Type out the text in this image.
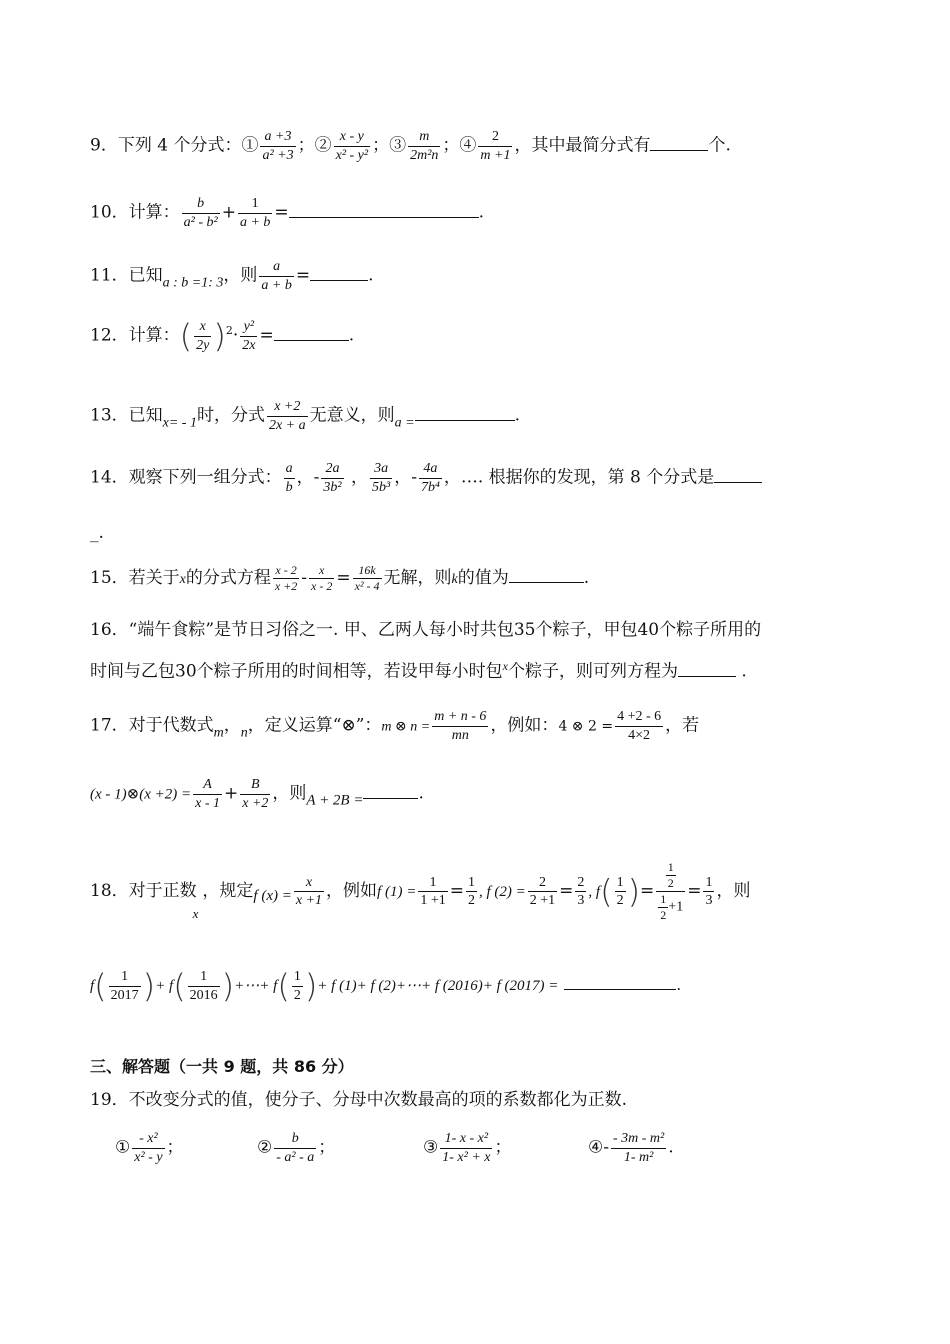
9．下列 4 个分式：① $\frac{a +3}{\text{a² +3}}$ ；② $\frac{x - y}{\text{x² - y²}}$ ；③ $\frac{m}{\text{2m²n}}$ ；④ $\frac{2}{m +1}$ ，其中最简分式有	个.
10．计算： $\frac{b}{\text{a² - b²}} + \frac{1}{a + b}$ =	.
11．已知$_{a : b =1: 3}$，则 $\frac{a}{a + b}$ =	.
12．计算：( $\frac{x}{2y} )^2\cdot \frac{\text{y²}}{2x}$ =	.
13．已知$_{x= - 1}$时，分式 $\frac{x +2}{2x + a}$ 无意义，则$_{a =}$	.
14．观察下列一组分式： $\frac{a}{b}$ ，- $\frac{2a}{\text{3b²}}$ ， $\frac{3a}{\text{5b³}}$ ，- $\frac{4a}{\text{7b⁴}}$ ，…. 根据你的发现，第 8 个分式是
_.
15．若关于x的分式方程 $\frac{x - 2}{x +2} - \frac{x}{x - 2} = \frac{16k}{\text{x² - 4}}$ 无解，则k的值为	.
16．“端午食粽”是节日习俗之一. 甲、乙两人每小时共包35个粽子，甲包40个粽子所用的
时间与乙包30个粽子所用的时间相等，若设甲每小时包$^x$个粽子，则可列方程为	.
17．对于代数式$_m$，$_n$，定义运算“⊗”：m ⊗ $n = \frac{m + n - 6}{mn}$ ，例如：4 ⊗ $2 = \frac{4 +2 - 6}{4\times 2}$ ，若
(x - 1)⊗(x $+2) = \frac{A}{x - 1} + \frac{B}{x +2}$ ，则A + 2B =	.
18．对于正数$_x$，规定f $(x) = \frac{x}{x +1}$ ，例如f $(1) = \frac{1}{1 +1} = \frac{1}{2}$ , f $(2) = \frac{2}{2 +1} = \frac{2}{3}$ , $f( \frac{1}{2}$ )= $\frac{\frac{1}{2}}{\frac{1}{2} +1} = \frac{1}{3}$ ，则
$f( \frac{1}{2017}$ )+ $f( \frac{1}{2016}$ )+⋯+ $f( \frac{1}{2}$ )+ f (1)+ f (2)+⋯+ f (2016)+ f (2017) =	.
三、解答题（一共 9 题，共 86 分）
19．不改变分式的值，使分子、分母中次数最高的项的系数都化为正数.
① $\frac{\text{- x²}}{\text{x² - y}}$ ；	② $\frac{b}{\text{- a² - a}}$ ；	③ $\frac{\text{1- x - x²}}{\text{1- x² + x}}$ ；	④- $\frac{\text{- 3m - m²}}{\text{1- m²}}$ .
